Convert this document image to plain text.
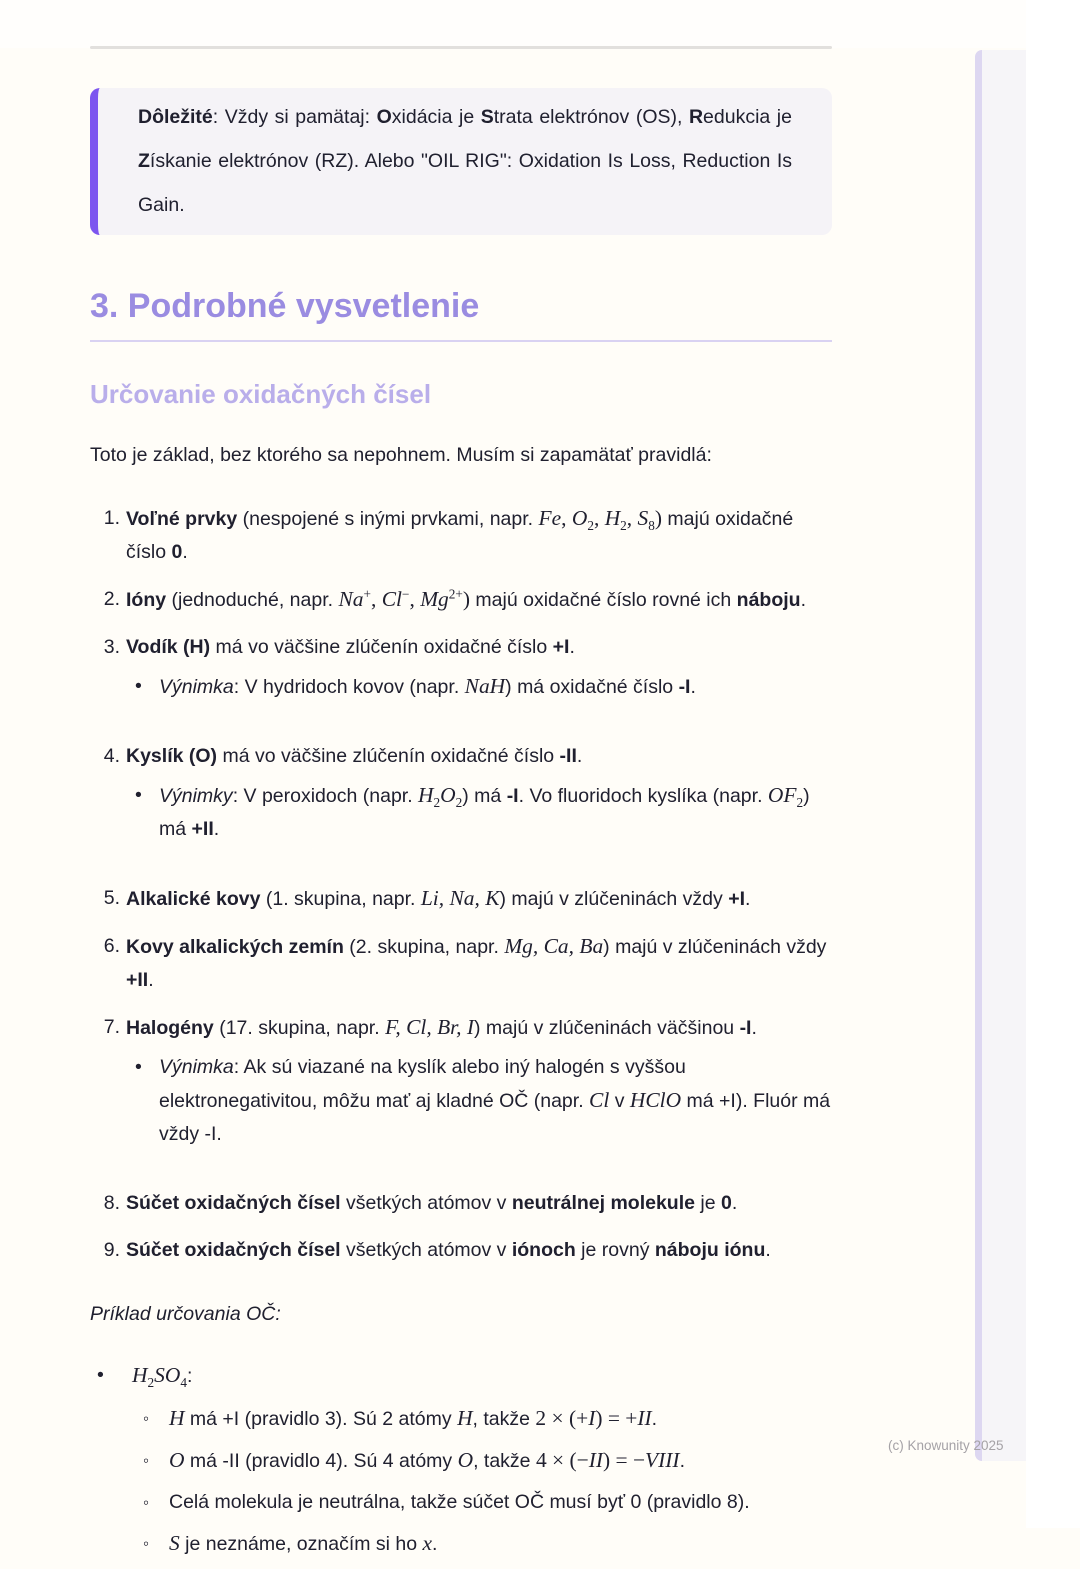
Dôležité: Vždy si pamätaj: Oxidácia je Strata elektrónov (OS), Redukcia je Získanie elektrónov (RZ). Alebo "OIL RIG": Oxidation Is Loss, Reduction Is Gain.
3. Podrobné vysvetlenie
Určovanie oxidačných čísel

Toto je základ, bez ktorého sa nepohnem. Musím si zapamätať pravidlá:

1. Voľné prvky (nespojené s inými prvkami, napr. Fe, $O_2$, $H_2$, $S_8$) majú oxidačné číslo 0.
2. Ióny (jednoduché, napr. Na+, Cl−, $Mg^{2+}$) majú oxidačné číslo rovné ich náboju.
3. Vodík (H) má vo väčšine zlúčenín oxidačné číslo +I.
• Výnimka: V hydridoch kovov (napr. NaH) má oxidačné číslo -I.
4. Kyslík (O) má vo väčšine zlúčenín oxidačné číslo -II.
• Výnimky: V peroxidoch (napr. $H_2O_2$) má -I. Vo fluoridoch kyslíka (napr. $OF_2$) má +II.
5. Alkalické kovy (1. skupina, napr. Li, Na, K) majú v zlúčeninách vždy +I.
6. Kovy alkalických zemín (2. skupina, napr. Mg, Ca, Ba) majú v zlúčeninách vždy +II.
7. Halogény (17. skupina, napr. F, Cl, Br, I) majú v zlúčeninách väčšinou -I.
• Výnimka: Ak sú viazané na kyslík alebo iný halogén s vyššou elektronegativitou, môžu mať aj kladné OČ (napr. Cl v HClO má +I). Fluór má vždy -I.
8. Súčet oxidačných čísel všetkých atómov v neutrálnej molekule je 0.
9. Súčet oxidačných čísel všetkých atómov v iónoch je rovný náboju iónu.

Príklad určovania OČ:

•	$H_2SO_4$:
◦ H má +I (pravidlo 3). Sú 2 atómy H, takže 2 × (+I) = +II.
◦ O má -II (pravidlo 4). Sú 4 atómy O, takže 4 × (−II) = −VIII.
◦	Celá molekula je neutrálna, takže súčet OČ musí byť 0 (pravidlo 8).
◦ S je neznáme, označím si ho x.
(c) Knowunity 2025
